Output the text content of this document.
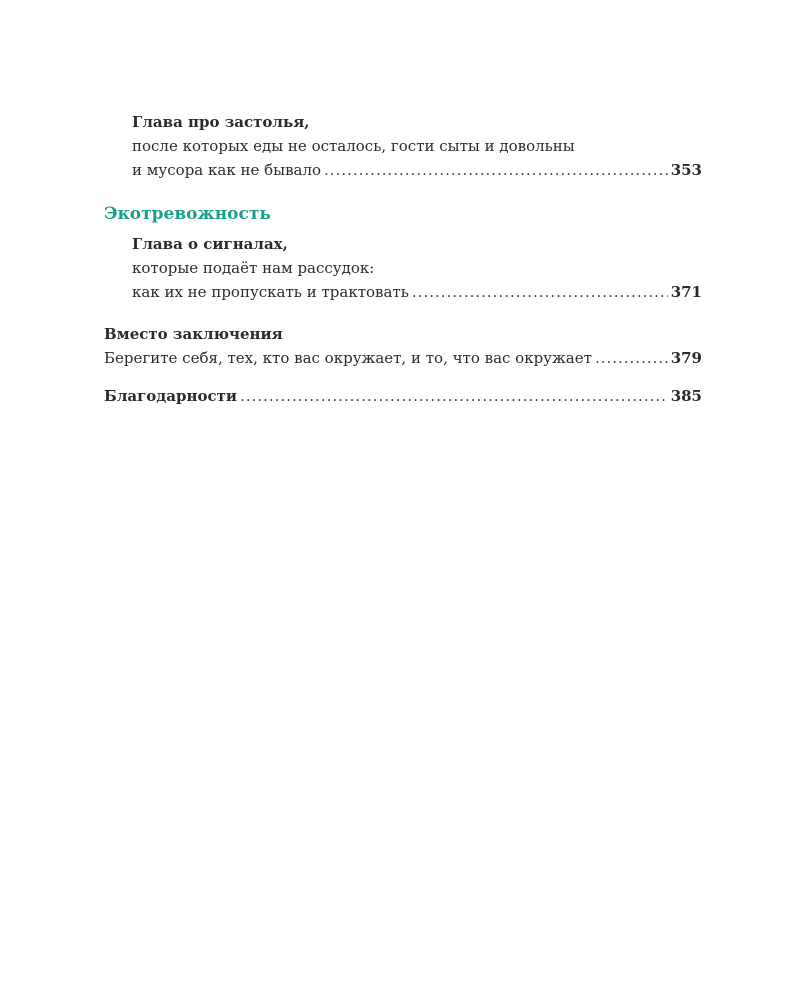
Глава про застолья,
после которых еды не осталось, гости сыты и довольны
и мусора как не бывало .....	353
Экотревожность
Глава о сигналах,
которые подаёт нам рассудок:
как их не пропускать и трактовать .....	371
Вместо заключения
Берегите себя, тех, кто вас окружает, и то, что вас окружает .....	379
Благодарности .....	385
